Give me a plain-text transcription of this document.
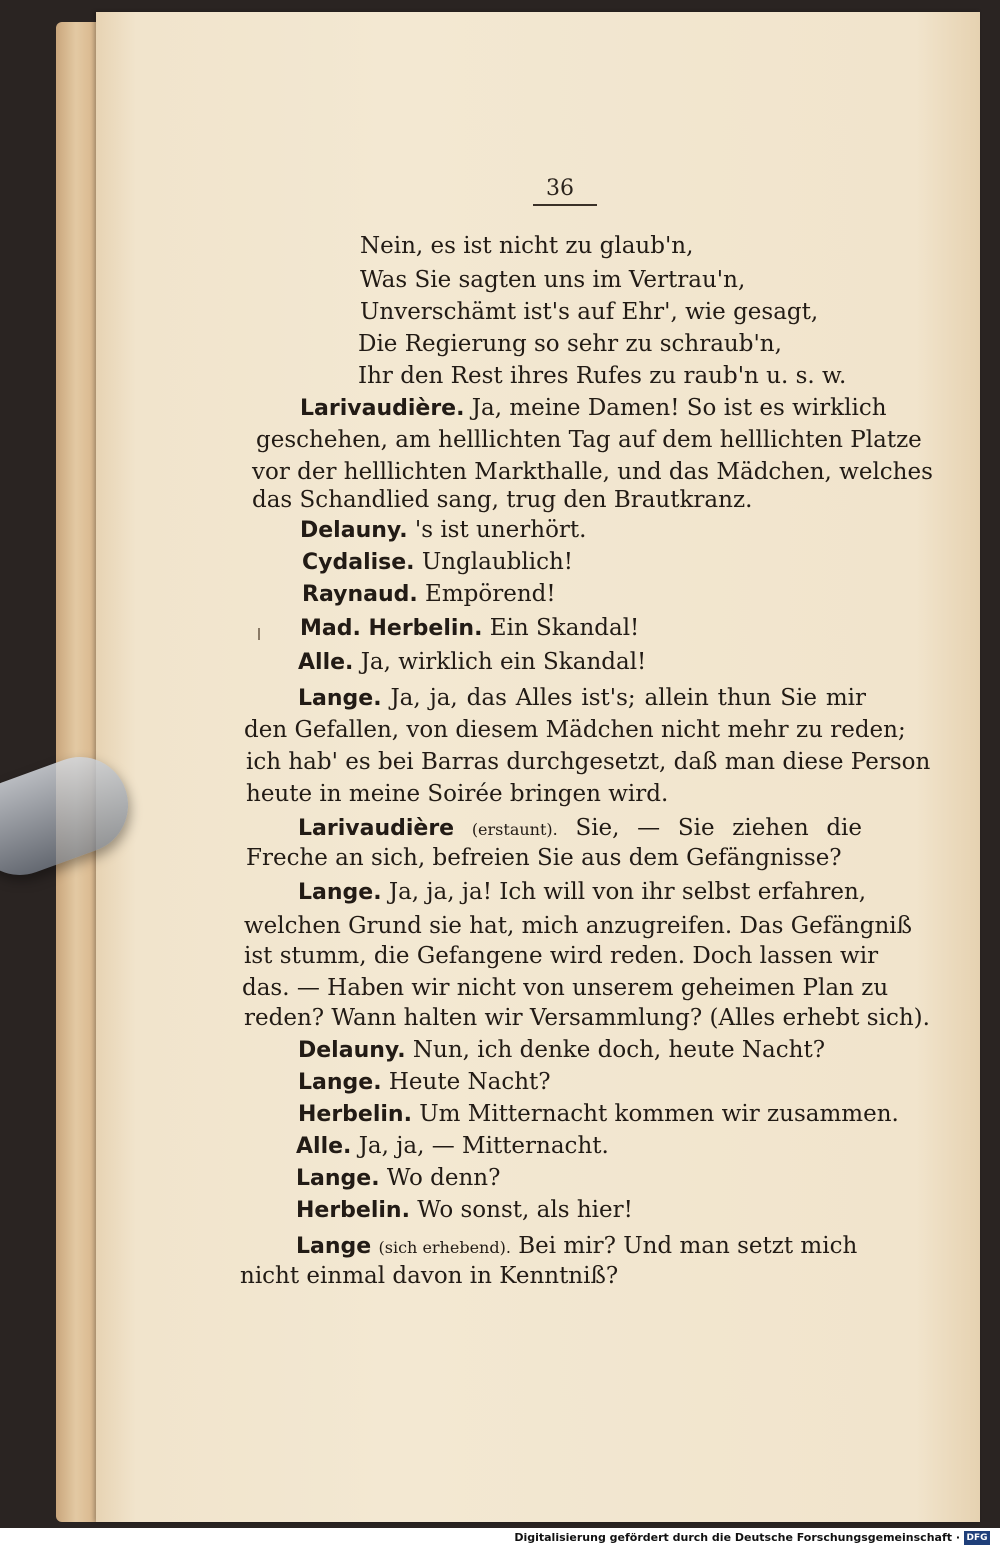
36
Nein, es ist nicht zu glaub'n,
Was Sie sagten uns im Vertrau'n,
Unverschämt ist's auf Ehr', wie gesagt,
Die Regierung so sehr zu schraub'n,
Ihr den Rest ihres Rufes zu raub'n u. s. w.
Larivaudière. Ja, meine Damen! So ist es wirklich
geschehen, am helllichten Tag auf dem helllichten Platze
vor der helllichten Markthalle, und das Mädchen, welches
das Schandlied sang, trug den Brautkranz.
Delauny. 's ist unerhört.
Cydalise. Unglaublich!
Raynaud. Empörend!
Mad. Herbelin. Ein Skandal!
Alle. Ja, wirklich ein Skandal!
Lange. Ja, ja, das Alles ist's; allein thun Sie mir
den Gefallen, von diesem Mädchen nicht mehr zu reden;
ich hab' es bei Barras durchgesetzt, daß man diese Person
heute in meine Soirée bringen wird.
Larivaudière (erstaunt). Sie, — Sie ziehen die
Freche an sich, befreien Sie aus dem Gefängnisse?
Lange. Ja, ja, ja! Ich will von ihr selbst erfahren,
welchen Grund sie hat, mich anzugreifen. Das Gefängniß
ist stumm, die Gefangene wird reden. Doch lassen wir
das. — Haben wir nicht von unserem geheimen Plan zu
reden? Wann halten wir Versammlung? (Alles erhebt sich).
Delauny. Nun, ich denke doch, heute Nacht?
Lange. Heute Nacht?
Herbelin. Um Mitternacht kommen wir zusammen.
Alle. Ja, ja, — Mitternacht.
Lange. Wo denn?
Herbelin. Wo sonst, als hier!
Lange (sich erhebend). Bei mir? Und man setzt mich
nicht einmal davon in Kenntniß?
Digitalisierung gefördert durch die Deutsche Forschungsgemeinschaft · DFG
